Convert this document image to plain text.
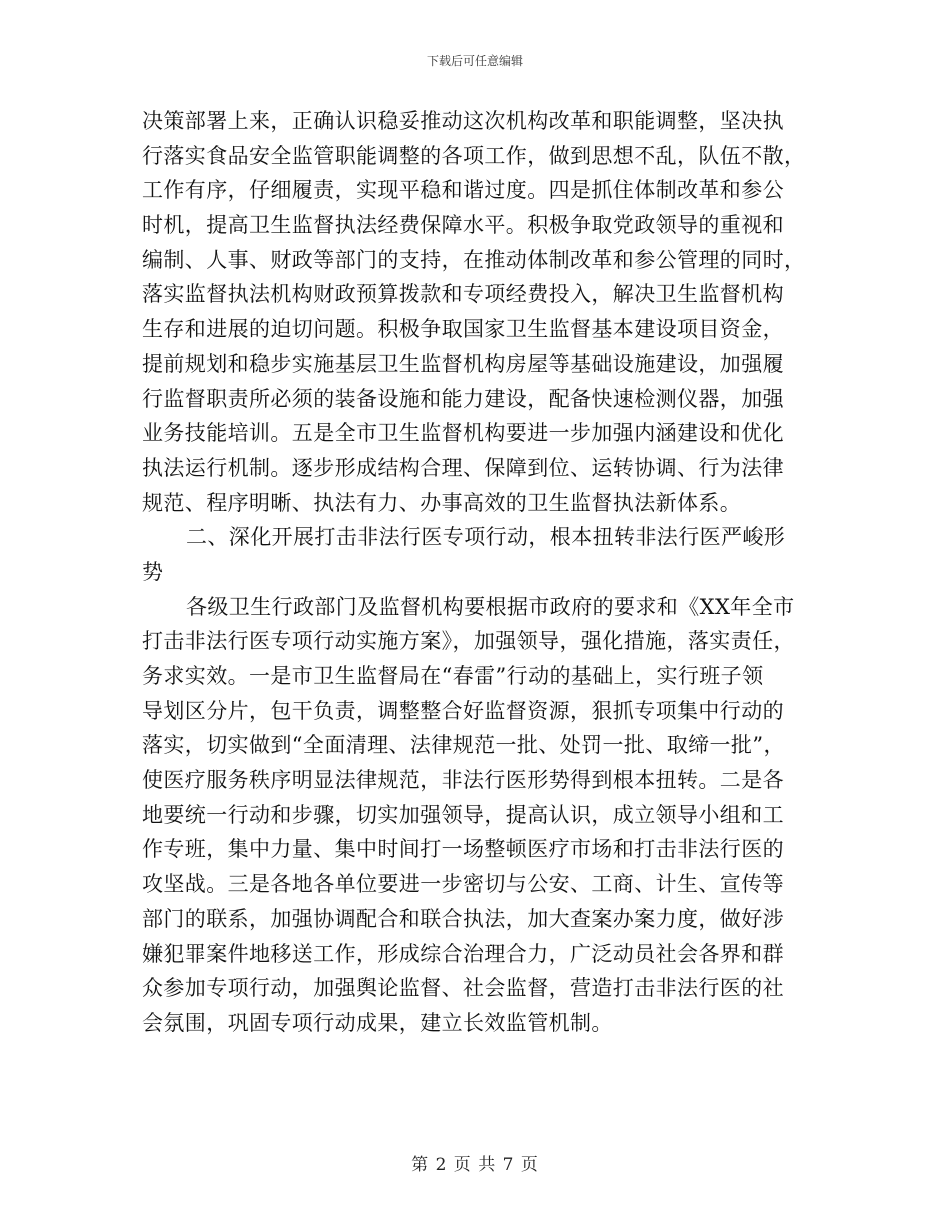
下载后可任意编辑
决策部署上来，正确认识稳妥推动这次机构改革和职能调整，坚决执
行落实食品安全监管职能调整的各项工作，做到思想不乱，队伍不散，
工作有序，仔细履责，实现平稳和谐过度。四是抓住体制改革和参公
时机，提高卫生监督执法经费保障水平。积极争取党政领导的重视和
编制、人事、财政等部门的支持，在推动体制改革和参公管理的同时，
落实监督执法机构财政预算拨款和专项经费投入，解决卫生监督机构
生存和进展的迫切问题。积极争取国家卫生监督基本建设项目资金，
提前规划和稳步实施基层卫生监督机构房屋等基础设施建设，加强履
行监督职责所必须的装备设施和能力建设，配备快速检测仪器，加强
业务技能培训。五是全市卫生监督机构要进一步加强内涵建设和优化
执法运行机制。逐步形成结构合理、保障到位、运转协调、行为法律
规范、程序明晰、执法有力、办事高效的卫生监督执法新体系。
二、深化开展打击非法行医专项行动，根本扭转非法行医严峻形
势
各级卫生行政部门及监督机构要根据市政府的要求和《XX年全市
打击非法行医专项行动实施方案》，加强领导，强化措施，落实责任，
务求实效。一是市卫生监督局在“春雷”行动的基础上，实行班子领
导划区分片，包干负责，调整整合好监督资源，狠抓专项集中行动的
落实，切实做到“全面清理、法律规范一批、处罚一批、取缔一批”，
使医疗服务秩序明显法律规范，非法行医形势得到根本扭转。二是各
地要统一行动和步骤，切实加强领导，提高认识，成立领导小组和工
作专班，集中力量、集中时间打一场整顿医疗市场和打击非法行医的
攻坚战。三是各地各单位要进一步密切与公安、工商、计生、宣传等
部门的联系，加强协调配合和联合执法，加大查案办案力度，做好涉
嫌犯罪案件地移送工作，形成综合治理合力，广泛动员社会各界和群
众参加专项行动，加强舆论监督、社会监督，营造打击非法行医的社
会氛围，巩固专项行动成果，建立长效监管机制。
第 2 页 共 7 页
